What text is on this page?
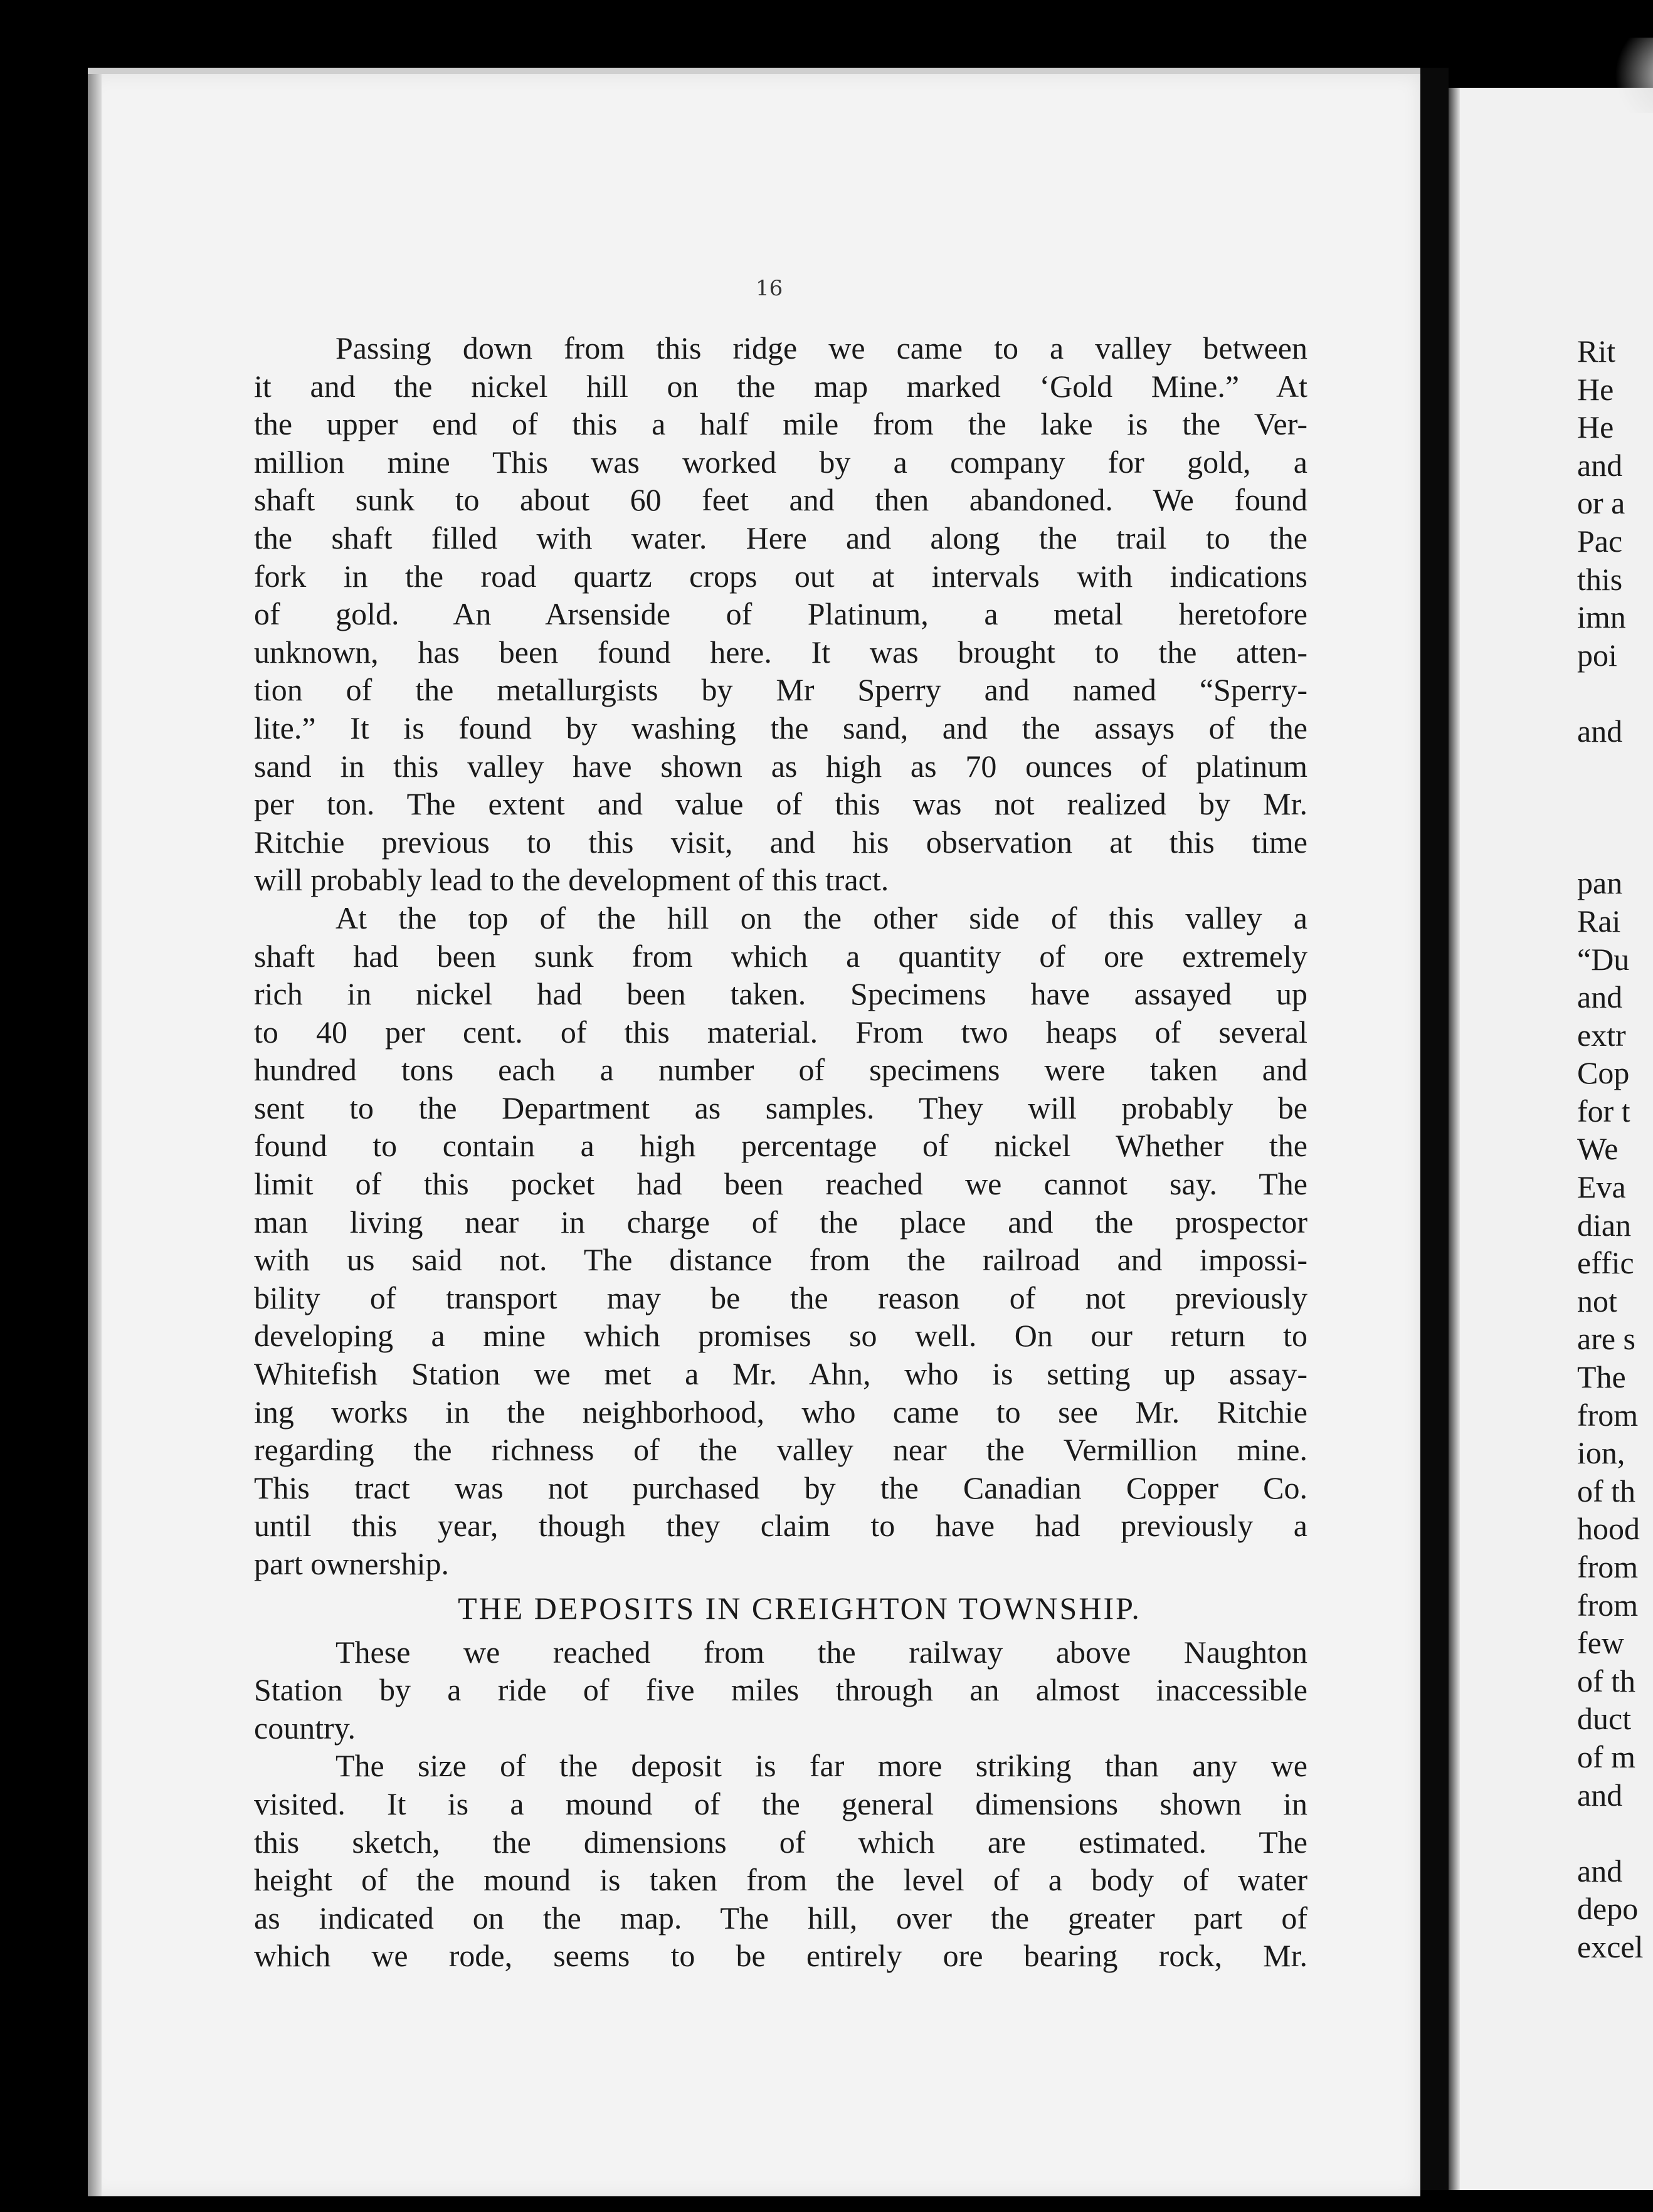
16
Passing down from this ridge we came to a valley between
it and the nickel hill on the map marked ‘Gold Mine.” At
the upper end of this a half mile from the lake is the Ver-
million mine This was worked by a company for gold, a
shaft sunk to about 60 feet and then abandoned. We found
the shaft filled with water. Here and along the trail to the
fork in the road quartz crops out at intervals with indications
of gold. An Arsenside of Platinum, a metal heretofore
unknown, has been found here. It was brought to the atten-
tion of the metallurgists by Mr Sperry and named “Sperry-
lite.” It is found by washing the sand, and the assays of the
sand in this valley have shown as high as 70 ounces of platinum
per ton. The extent and value of this was not realized by Mr.
Ritchie previous to this visit, and his observation at this time
will probably lead to the development of this tract.
At the top of the hill on the other side of this valley a
shaft had been sunk from which a quantity of ore extremely
rich in nickel had been taken. Specimens have assayed up
to 40 per cent. of this material. From two heaps of several
hundred tons each a number of specimens were taken and
sent to the Department as samples. They will probably be
found to contain a high percentage of nickel Whether the
limit of this pocket had been reached we cannot say. The
man living near in charge of the place and the prospector
with us said not. The distance from the railroad and impossi-
bility of transport may be the reason of not previously
developing a mine which promises so well. On our return to
Whitefish Station we met a Mr. Ahn, who is setting up assay-
ing works in the neighborhood, who came to see Mr. Ritchie
regarding the richness of the valley near the Vermillion mine.
This tract was not purchased by the Canadian Copper Co.
until this year, though they claim to have had previously a
part ownership.
THE DEPOSITS IN CREIGHTON TOWNSHIP.
These we reached from the railway above Naughton
Station by a ride of five miles through an almost inaccessible
country.
The size of the deposit is far more striking than any we
visited. It is a mound of the general dimensions shown in
this sketch, the dimensions of which are estimated. The
height of the mound is taken from the level of a body of water
as indicated on the map. The hill, over the greater part of
which we rode, seems to be entirely ore bearing rock, Mr.
Rit
He
He
and
or a
Pac
this
imn
poi
and
pan
Rai
“Du
and
extr
Cop
for t
We
Eva
dian
effic
not
are s
The
from
ion,
of th
hood
from
from
few
of th
duct
of m
and
and
depo
excel
